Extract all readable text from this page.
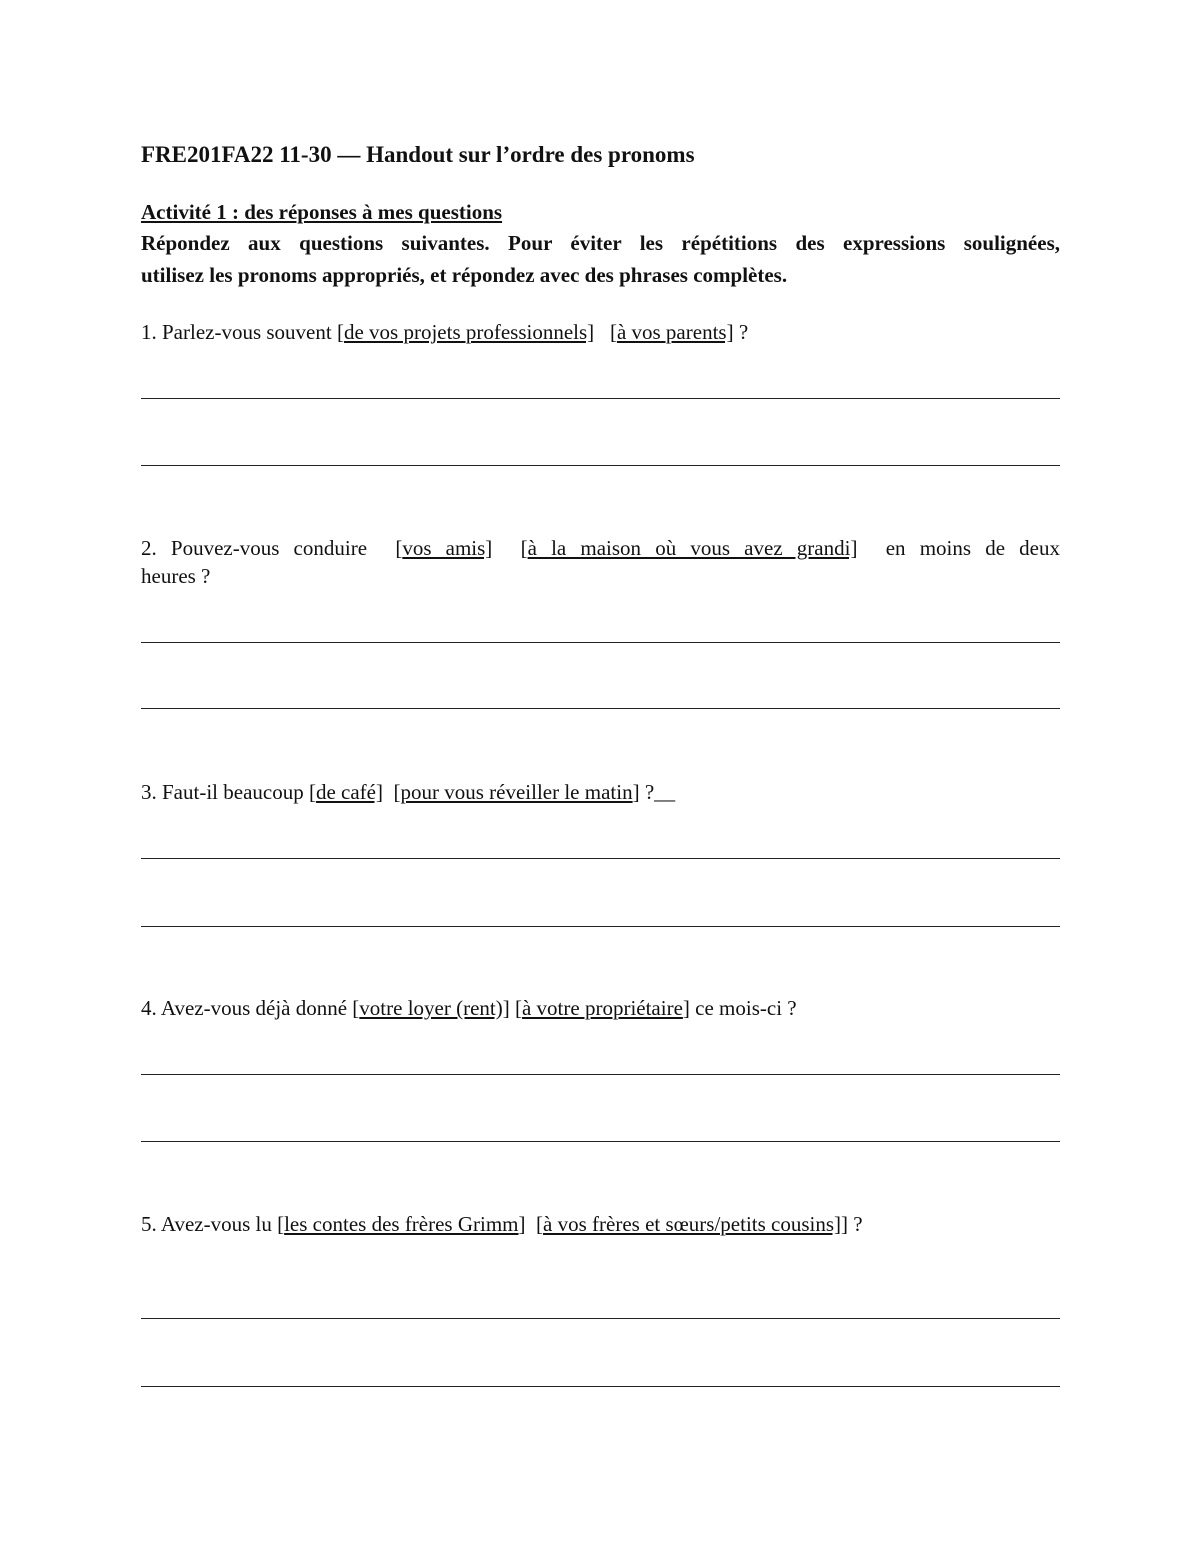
FRE201FA22 11-30 — Handout sur l’ordre des pronoms
Activité 1 : des réponses à mes questions
Répondez aux questions suivantes. Pour éviter les répétitions des expressions soulignées,
utilisez les pronoms appropriés, et répondez avec des phrases complètes.
1. Parlez-vous souvent [de vos projets professionnels]   [à vos parents] ?
2. Pouvez-vous conduire  [vos amis]  [à la maison où vous avez grandi]  en moins de deux
heures ?
3. Faut-il beaucoup [de café]  [pour vous réveiller le matin] ?__
4. Avez-vous déjà donné [votre loyer (rent)] [à votre propriétaire] ce mois-ci ?
5. Avez-vous lu [les contes des frères Grimm]  [à vos frères et sœurs/petits cousins]] ?
